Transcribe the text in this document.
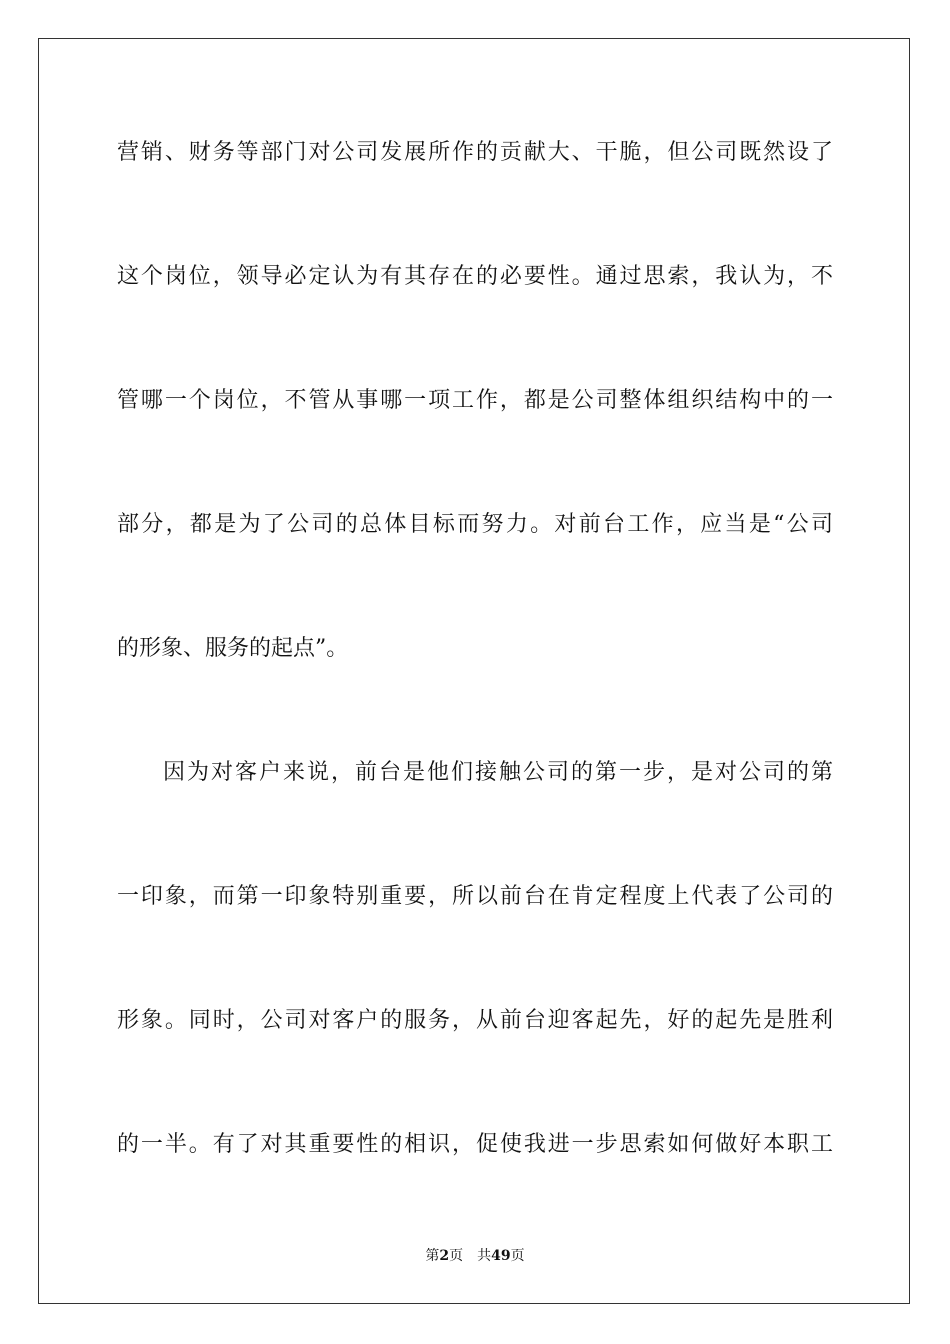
营销、财务等部门对公司发展所作的贡献大、干脆，但公司既然设了
这个岗位，领导必定认为有其存在的必要性。通过思索，我认为，不
管哪一个岗位，不管从事哪一项工作，都是公司整体组织结构中的一
部分，都是为了公司的总体目标而努力。对前台工作，应当是“公司
的形象、服务的起点”。
因为对客户来说，前台是他们接触公司的第一步，是对公司的第
一印象，而第一印象特别重要，所以前台在肯定程度上代表了公司的
形象。同时，公司对客户的服务，从前台迎客起先，好的起先是胜利
的一半。有了对其重要性的相识，促使我进一步思索如何做好本职工
第2页 共49页
